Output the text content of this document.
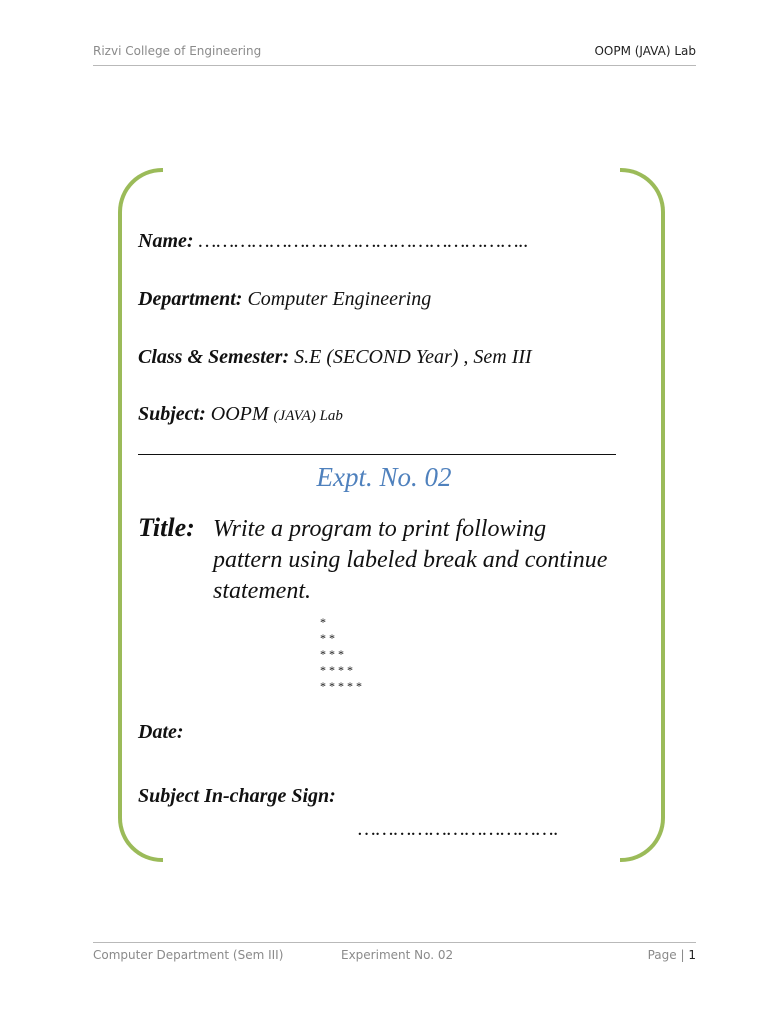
Rizvi College of Engineering	OOPM (JAVA) Lab
Name: ………………………………………………..
Department: Computer Engineering
Class & Semester: S.E (SECOND Year) , Sem III
Subject: OOPM (JAVA) Lab
Expt. No. 02
Title: Write a program to print following pattern using labeled break and continue statement.
*
* *
* * *
* * * *
* * * * *
Date:
Subject In-charge Sign:
…………………………….
Computer Department (Sem III)	Experiment No. 02	Page | 1
